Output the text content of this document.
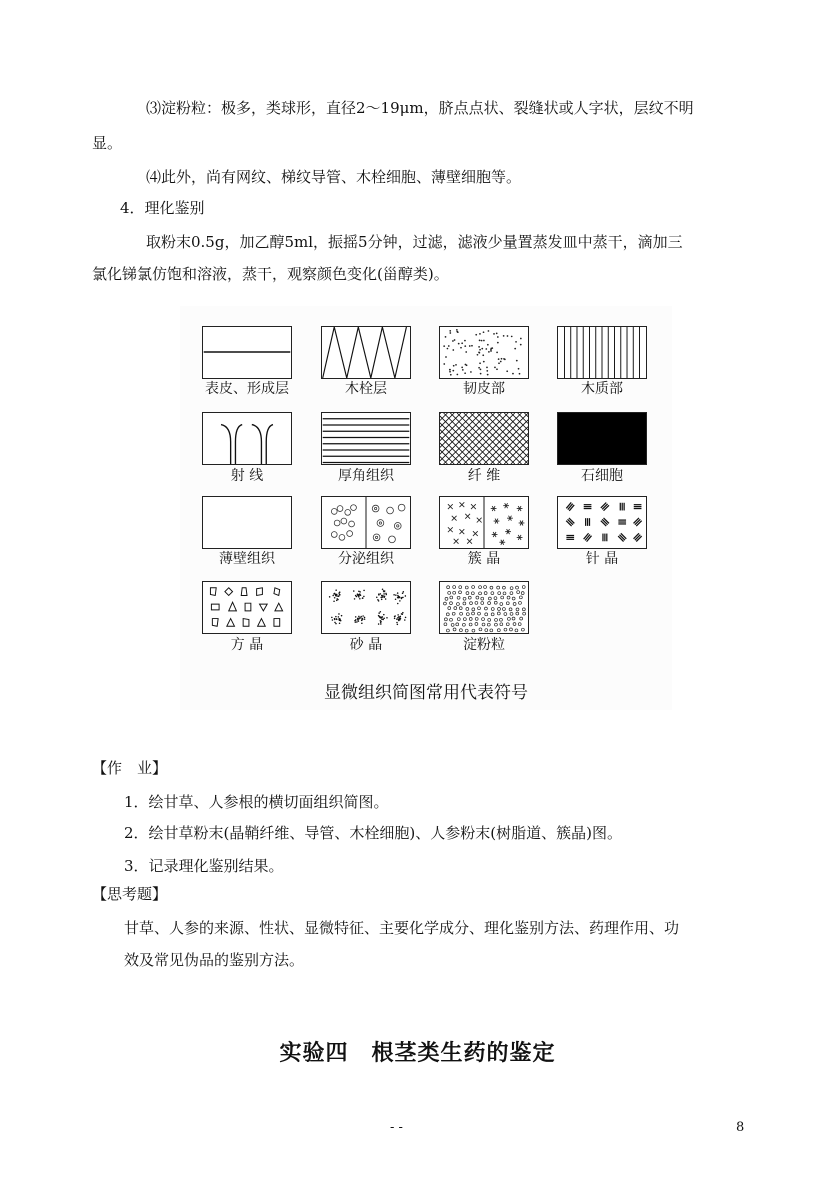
⑶淀粉粒：极多，类球形，直径2～19μm，脐点点状、裂缝状或人字状，层纹不明
显。
⑷此外，尚有网纹、梯纹导管、木栓细胞、薄壁细胞等。
4．理化鉴别
取粉末0.5g，加乙醇5ml，振摇5分钟，过滤，滤液少量置蒸发皿中蒸干，滴加三
氯化锑氯仿饱和溶液，蒸干，观察颜色变化(甾醇类)。
表皮、形成层	木栓层	韧皮部	木质部
射 线	厚角组织	纤 维	石细胞
薄壁组织	分泌组织	簇 晶	针 晶
方 晶	砂 晶	淀粉粒
显微组织简图常用代表符号
【作　业】
1．绘甘草、人参根的横切面组织简图。
2．绘甘草粉末(晶鞘纤维、导管、木栓细胞)、人参粉末(树脂道、簇晶)图。
3．记录理化鉴别结果。
【思考题】
甘草、人参的来源、性状、显微特征、主要化学成分、理化鉴别方法、药理作用、功
效及常见伪品的鉴别方法。
实验四　根茎类生药的鉴定
- -	8
